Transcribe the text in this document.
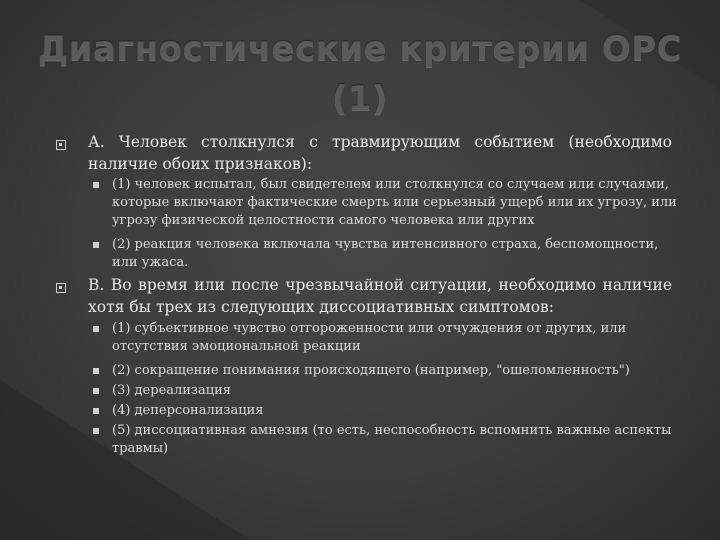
Диагностические критерии ОРС (1)
А. Человек столкнулся с травмирующим событием (необходимо наличие обоих признаков):
(1) человек испытал, был свидетелем или столкнулся со случаем или случаями, которые включают фактические смерть или серьезный ущерб или их угрозу, или угрозу физической целостности самого человека или других
(2) реакция человека включала чувства интенсивного страха, беспомощности, или ужаса.
В. Во время или после чрезвычайной ситуации, необходимо наличие хотя бы трех из следующих диссоциативных симптомов:
(1) субъективное чувство отгороженности или отчуждения от других, или отсутствия эмоциональной реакции
(2) сокращение понимания происходящего (например, "ошеломленность")
(3) дереализация
(4) деперсонализация
(5) диссоциативная амнезия (то есть, неспособность вспомнить важные аспекты травмы)
